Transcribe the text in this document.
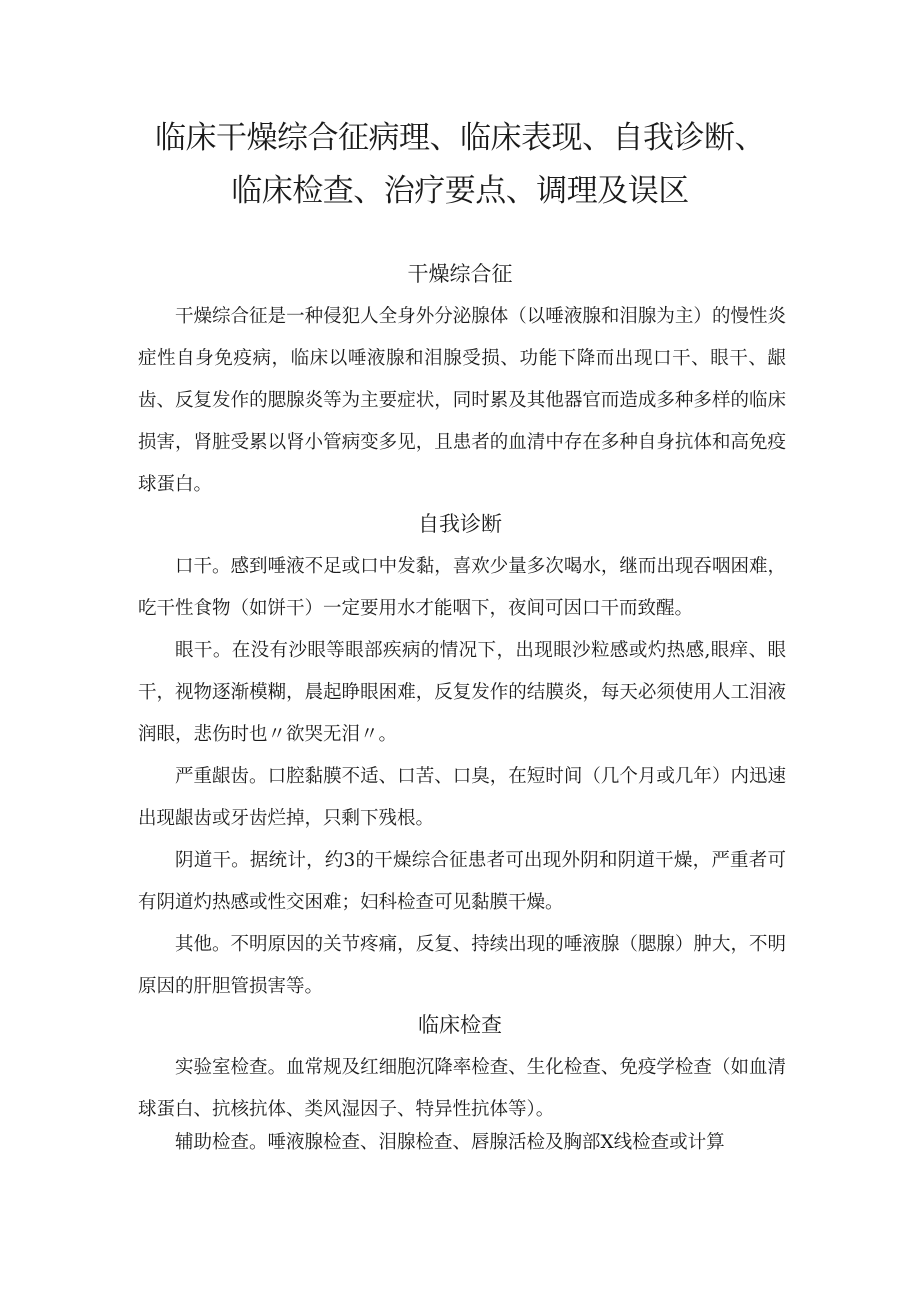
临床干燥综合征病理、临床表现、自我诊断、
临床检查、治疗要点、调理及误区
干燥综合征

干燥综合征是一种侵犯人全身外分泌腺体（以唾液腺和泪腺为主）的慢性炎症性自身免疫病，临床以唾液腺和泪腺受损、功能下降而出现口干、眼干、龈齿、反复发作的腮腺炎等为主要症状，同时累及其他器官而造成多种多样的临床损害，肾脏受累以肾小管病变多见，且患者的血清中存在多种自身抗体和高免疫球蛋白。

自我诊断

口干。感到唾液不足或口中发黏，喜欢少量多次喝水，继而出现吞咽困难，吃干性食物（如饼干）一定要用水才能咽下，夜间可因口干而致醒。

眼干。在没有沙眼等眼部疾病的情况下，出现眼沙粒感或灼热感,眼痒、眼干，视物逐渐模糊，晨起睁眼困难，反复发作的结膜炎，每天必须使用人工泪液润眼，悲伤时也〃欲哭无泪〃。

严重龈齿。口腔黏膜不适、口苦、口臭，在短时间（几个月或几年）内迅速出现龈齿或牙齿烂掉，只剩下残根。

阴道干。据统计，约3的干燥综合征患者可出现外阴和阴道干燥，严重者可有阴道灼热感或性交困难；妇科检查可见黏膜干燥。

其他。不明原因的关节疼痛，反复、持续出现的唾液腺（腮腺）肿大，不明原因的肝胆管损害等。

临床检查

实验室检查。血常规及红细胞沉降率检查、生化检查、免疫学检查（如血清球蛋白、抗核抗体、类风湿因子、特异性抗体等）。

辅助检查。唾液腺检查、泪腺检查、唇腺活检及胸部X线检查或计算
